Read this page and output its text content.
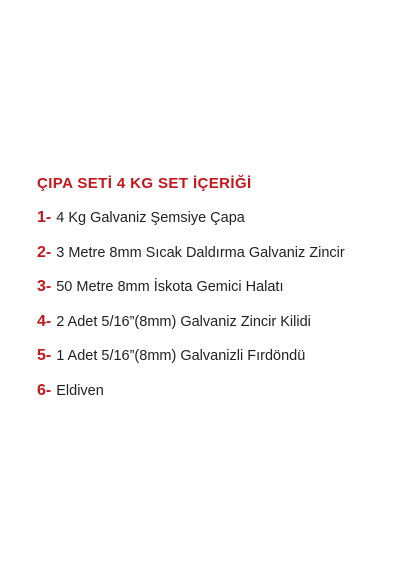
ÇIPA SETİ 4 KG SET İÇERİĞİ
1- 4 Kg Galvaniz Şemsiye Çapa
2- 3 Metre 8mm Sıcak Daldırma Galvaniz Zincir
3- 50 Metre 8mm İskota Gemici Halatı
4- 2 Adet 5/16”(8mm) Galvaniz Zincir Kilidi
5- 1 Adet 5/16”(8mm) Galvanizli Fırdöndü
6- Eldiven
